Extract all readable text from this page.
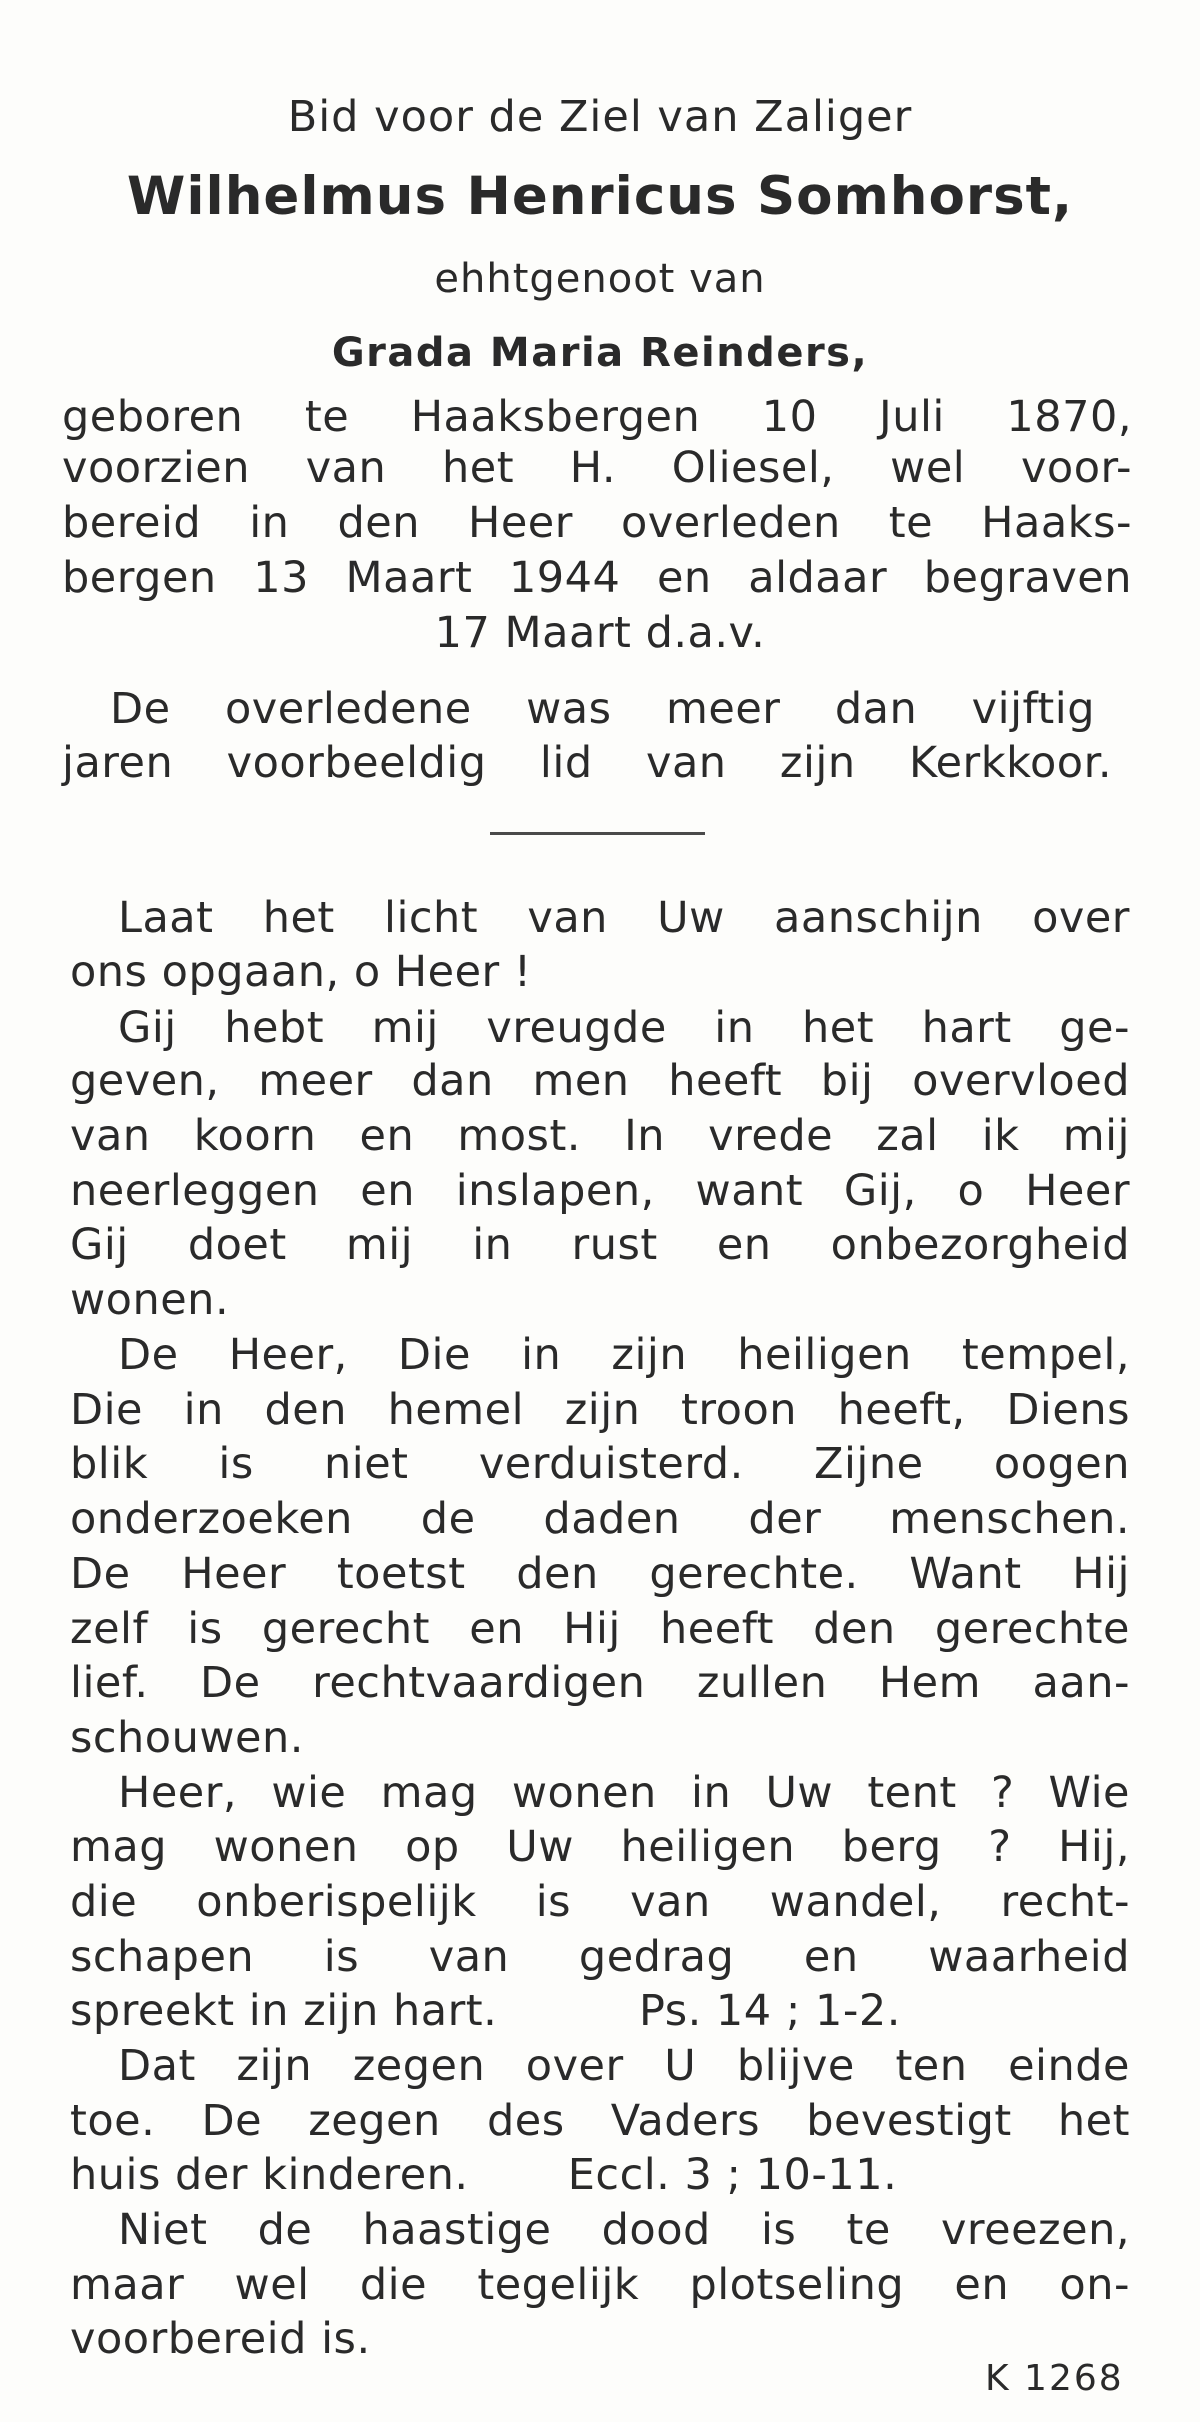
Bid voor de Ziel van Zaliger
Wilhelmus Henricus Somhorst,
ehhtgenoot van
Grada Maria Reinders,
geboren te Haaksbergen 10 Juli 1870,
voorzien van het H. Oliesel, wel voor-
bereid in den Heer overleden te Haaks-
bergen 13 Maart 1944 en aldaar begraven
17 Maart d.a.v.
De overledene was meer dan vijftig
jaren voorbeeldig lid van zijn Kerkkoor.
Laat het licht van Uw aanschijn over
ons opgaan, o Heer !
Gij hebt mij vreugde in het hart ge-
geven, meer dan men heeft bij overvloed
van koorn en most. In vrede zal ik mij
neerleggen en inslapen, want Gij, o Heer
Gij doet mij in rust en onbezorgheid
wonen.
De Heer, Die in zijn heiligen tempel,
Die in den hemel zijn troon heeft, Diens
blik is niet verduisterd. Zijne oogen
onderzoeken de daden der menschen.
De Heer toetst den gerechte. Want Hij
zelf is gerecht en Hij heeft den gerechte
lief. De rechtvaardigen zullen Hem aan-
schouwen.
Heer, wie mag wonen in Uw tent ? Wie
mag wonen op Uw heiligen berg ? Hij,
die onberispelijk is van wandel, recht-
schapen is van gedrag en waarheid
spreekt in zijn hart.          Ps. 14 ; 1-2.
Dat zijn zegen over U blijve ten einde
toe. De zegen des Vaders bevestigt het
huis der kinderen.       Eccl. 3 ; 10-11.
Niet de haastige dood is te vreezen,
maar wel die tegelijk plotseling en on-
voorbereid is.
K 1268
